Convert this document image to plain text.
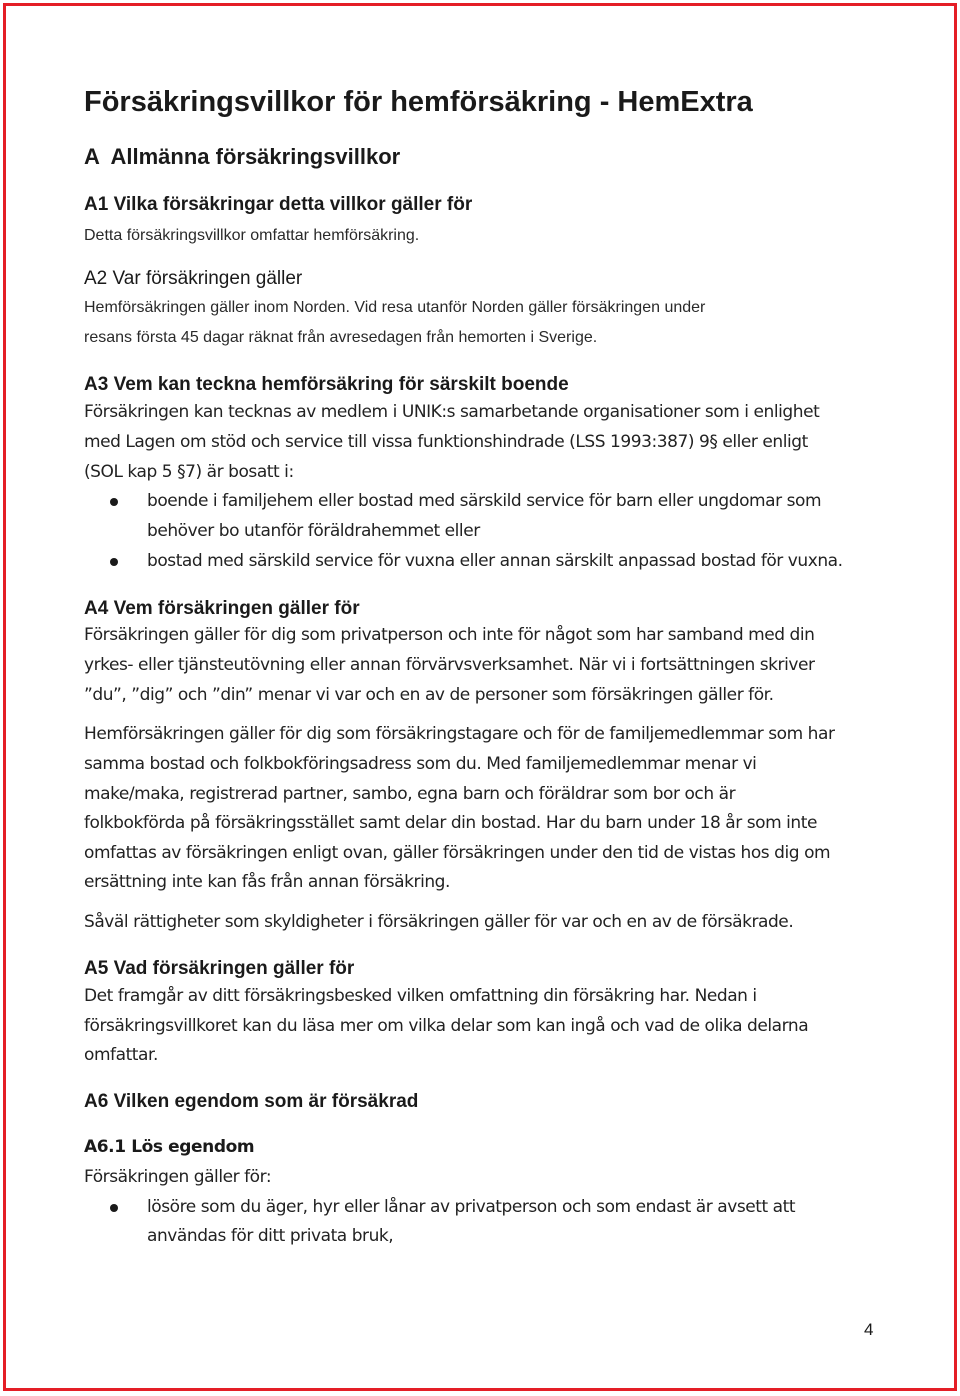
Försäkringsvillkor för hemförsäkring - HemExtra
A  Allmänna försäkringsvillkor
A1 Vilka försäkringar detta villkor gäller för
Detta försäkringsvillkor omfattar hemförsäkring.
A2 Var försäkringen gäller
Hemförsäkringen gäller inom Norden. Vid resa utanför Norden gäller försäkringen under
resans första 45 dagar räknat från avresedagen från hemorten i Sverige.
A3 Vem kan teckna hemförsäkring för särskilt boende
Försäkringen kan tecknas av medlem i UNIK:s samarbetande organisationer som i enlighet
med Lagen om stöd och service till vissa funktionshindrade (LSS 1993:387) 9§ eller enligt
(SOL kap 5 §7) är bosatt i:
boende i familjehem eller bostad med särskild service för barn eller ungdomar som
behöver bo utanför föräldrahemmet eller
bostad med särskild service för vuxna eller annan särskilt anpassad bostad för vuxna.
A4 Vem försäkringen gäller för
Försäkringen gäller för dig som privatperson och inte för något som har samband med din
yrkes- eller tjänsteutövning eller annan förvärvsverksamhet. När vi i fortsättningen skriver
”du”, ”dig” och ”din” menar vi var och en av de personer som försäkringen gäller för.
Hemförsäkringen gäller för dig som försäkringstagare och för de familjemedlemmar som har
samma bostad och folkbokföringsadress som du. Med familjemedlemmar menar vi
make/maka, registrerad partner, sambo, egna barn och föräldrar som bor och är
folkbokförda på försäkringsstället samt delar din bostad. Har du barn under 18 år som inte
omfattas av försäkringen enligt ovan, gäller försäkringen under den tid de vistas hos dig om
ersättning inte kan fås från annan försäkring.
Såväl rättigheter som skyldigheter i försäkringen gäller för var och en av de försäkrade.
A5 Vad försäkringen gäller för
Det framgår av ditt försäkringsbesked vilken omfattning din försäkring har. Nedan i
försäkringsvillkoret kan du läsa mer om vilka delar som kan ingå och vad de olika delarna
omfattar.
A6 Vilken egendom som är försäkrad
A6.1 Lös egendom
Försäkringen gäller för:
lösöre som du äger, hyr eller lånar av privatperson och som endast är avsett att
användas för ditt privata bruk,
4
